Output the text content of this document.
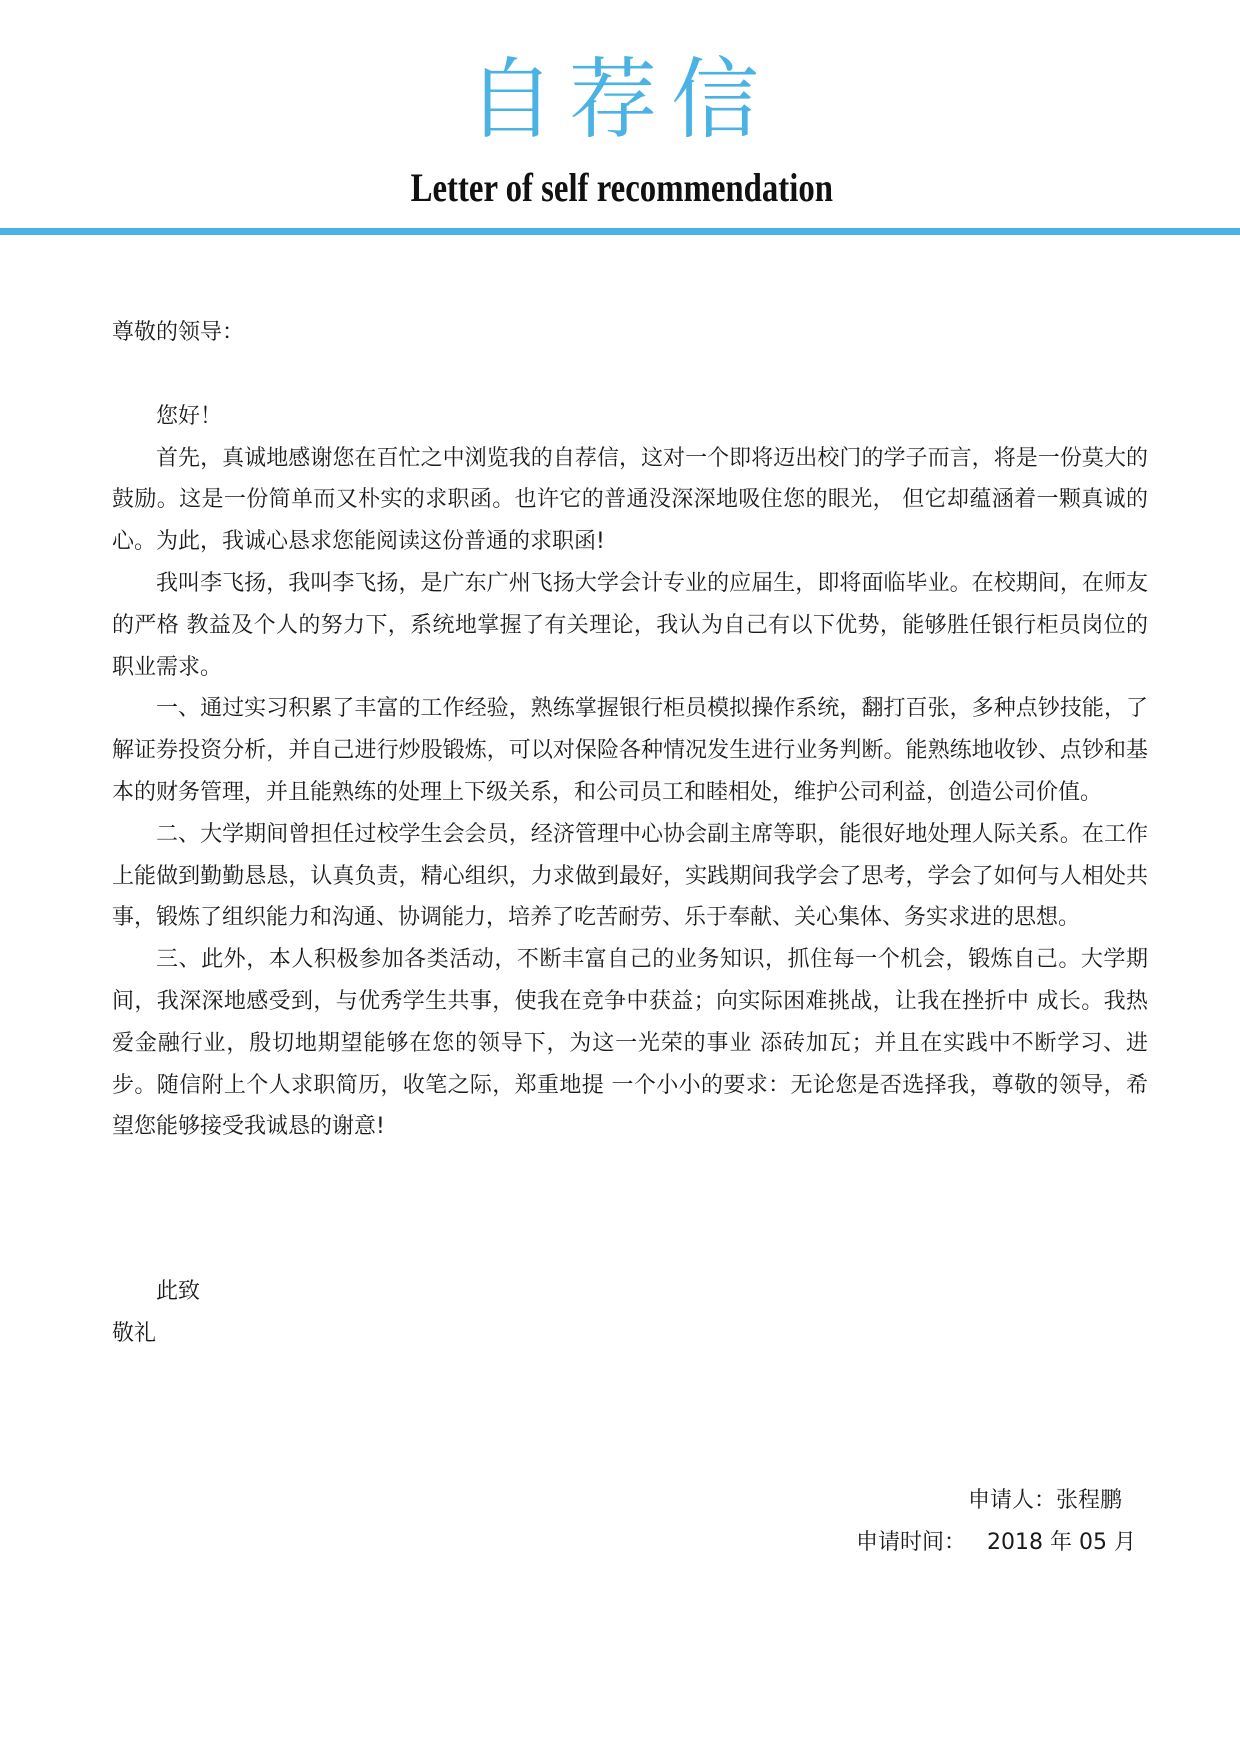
自荐信
Letter of self recommendation

尊敬的领导：

您好！

首先，真诚地感谢您在百忙之中浏览我的自荐信，这对一个即将迈出校门的学子而言，将是一份莫大的鼓励。这是一份简单而又朴实的求职函。也许它的普通没深深地吸住您的眼光， 但它却蕴涵着一颗真诚的心。为此，我诚心恳求您能阅读这份普通的求职函!

我叫李飞扬，我叫李飞扬，是广东广州飞扬大学会计专业的应届生，即将面临毕业。在校期间，在师友的严格 教益及个人的努力下，系统地掌握了有关理论，我认为自己有以下优势，能够胜任银行柜员岗位的职业需求。

一、通过实习积累了丰富的工作经验，熟练掌握银行柜员模拟操作系统，翻打百张，多种点钞技能，了解证券投资分析，并自己进行炒股锻炼，可以对保险各种情况发生进行业务判断。能熟练地收钞、点钞和基本的财务管理，并且能熟练的处理上下级关系，和公司员工和睦相处，维护公司利益，创造公司价值。

二、大学期间曾担任过校学生会会员，经济管理中心协会副主席等职，能很好地处理人际关系。在工作上能做到勤勤恳恳，认真负责，精心组织，力求做到最好，实践期间我学会了思考，学会了如何与人相处共事，锻炼了组织能力和沟通、协调能力，培养了吃苦耐劳、乐于奉献、关心集体、务实求进的思想。

三、此外，本人积极参加各类活动，不断丰富自己的业务知识，抓住每一个机会，锻炼自己。大学期间，我深深地感受到，与优秀学生共事，使我在竞争中获益；向实际困难挑战，让我在挫折中 成长。我热爱金融行业，殷切地期望能够在您的领导下，为这一光荣的事业 添砖加瓦；并且在实践中不断学习、进步。随信附上个人求职简历，收笔之际，郑重地提 一个小小的要求：无论您是否选择我，尊敬的领导，希望您能够接受我诚恳的谢意!

此致
敬礼
申请人：张程鹏
申请时间： 2018 年 05 月
